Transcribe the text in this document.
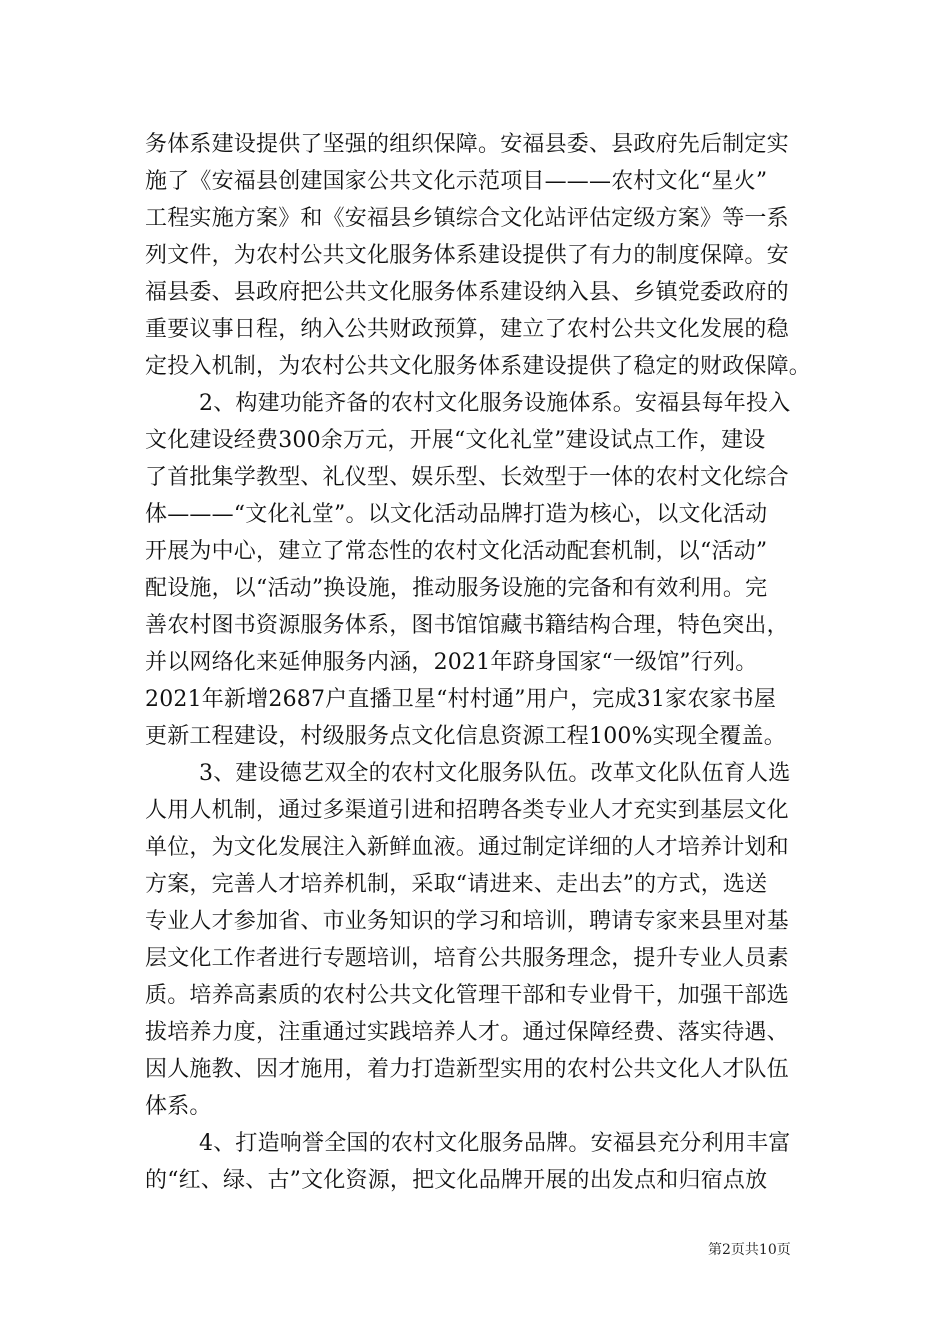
务体系建设提供了坚强的组织保障。安福县委、县政府先后制定实
施了《安福县创建国家公共文化示范项目———农村文化“星火”
工程实施方案》和《安福县乡镇综合文化站评估定级方案》等一系
列文件，为农村公共文化服务体系建设提供了有力的制度保障。安
福县委、县政府把公共文化服务体系建设纳入县、乡镇党委政府的
重要议事日程，纳入公共财政预算，建立了农村公共文化发展的稳
定投入机制，为农村公共文化服务体系建设提供了稳定的财政保障。
2、构建功能齐备的农村文化服务设施体系。安福县每年投入
文化建设经费300余万元，开展“文化礼堂”建设试点工作，建设
了首批集学教型、礼仪型、娱乐型、长效型于一体的农村文化综合
体———“文化礼堂”。以文化活动品牌打造为核心，以文化活动
开展为中心，建立了常态性的农村文化活动配套机制，以“活动”
配设施，以“活动”换设施，推动服务设施的完备和有效利用。完
善农村图书资源服务体系，图书馆馆藏书籍结构合理，特色突出，
并以网络化来延伸服务内涵，2021年跻身国家“一级馆”行列。
2021年新增2687户直播卫星“村村通”用户，完成31家农家书屋
更新工程建设，村级服务点文化信息资源工程100%实现全覆盖。
3、建设德艺双全的农村文化服务队伍。改革文化队伍育人选
人用人机制，通过多渠道引进和招聘各类专业人才充实到基层文化
单位，为文化发展注入新鲜血液。通过制定详细的人才培养计划和
方案，完善人才培养机制，采取“请进来、走出去”的方式，选送
专业人才参加省、市业务知识的学习和培训，聘请专家来县里对基
层文化工作者进行专题培训，培育公共服务理念，提升专业人员素
质。培养高素质的农村公共文化管理干部和专业骨干，加强干部选
拔培养力度，注重通过实践培养人才。通过保障经费、落实待遇、
因人施教、因才施用，着力打造新型实用的农村公共文化人才队伍
体系。
4、打造响誉全国的农村文化服务品牌。安福县充分利用丰富
的“红、绿、古”文化资源，把文化品牌开展的出发点和归宿点放
第2页共10页
